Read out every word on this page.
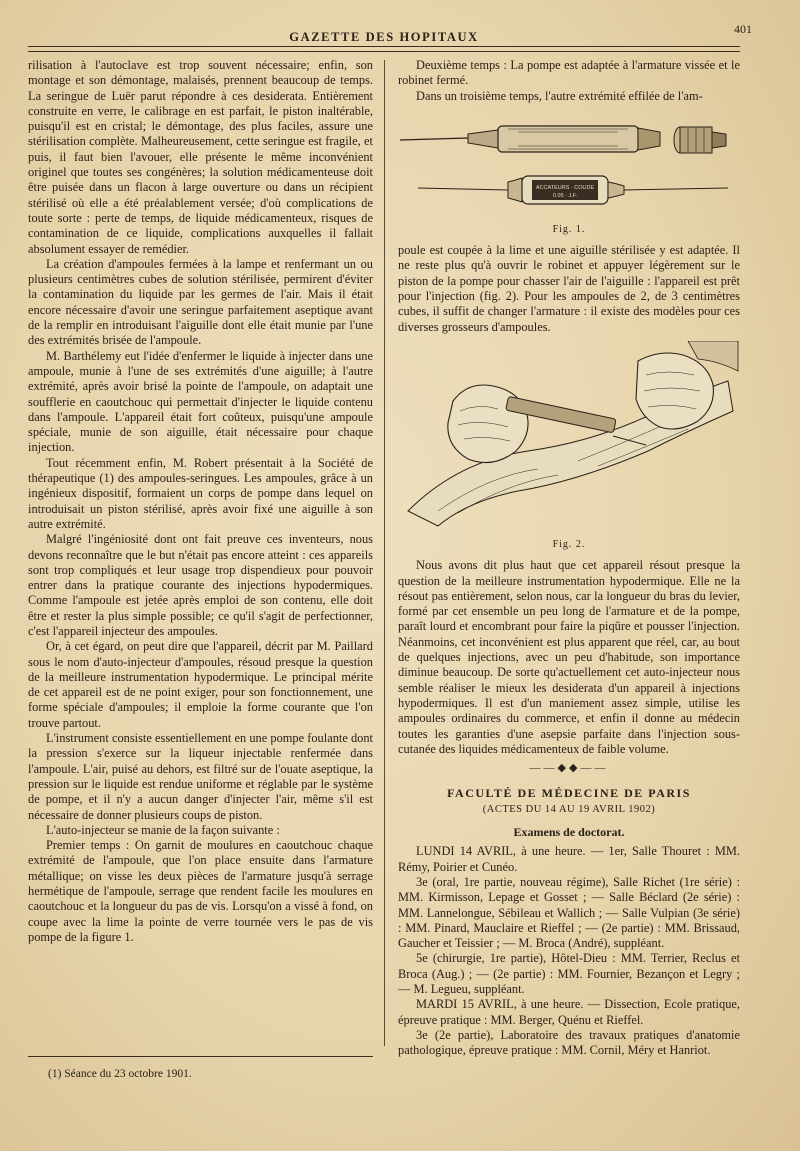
GAZETTE DES HOPITAUX
401

rilisation à l'autoclave est trop souvent nécessaire; enfin, son montage et son démontage, malaisés, prennent beaucoup de temps. La seringue de Luër parut répondre à ces desiderata. Entièrement construite en verre, le calibrage en est parfait, le piston inaltérable, puisqu'il est en cristal; le démontage, des plus faciles, assure une stérilisation complète. Malheureusement, cette seringue est fragile, et puis, il faut bien l'avouer, elle présente le même inconvénient originel que toutes ses congénères; la solution médicamenteuse doit être puisée dans un flacon à large ouverture ou dans un récipient stérilisé où elle a été préalablement versée; d'où complications de toute sorte : perte de temps, de liquide médicamenteux, risques de contamination de ce liquide, complications auxquelles il fallait absolument essayer de remédier.

La création d'ampoules fermées à la lampe et renfermant un ou plusieurs centimètres cubes de solution stérilisée, permirent d'éviter la contamination du liquide par les germes de l'air. Mais il était encore nécessaire d'avoir une seringue parfaitement aseptique avant de la remplir en introduisant l'aiguille dont elle était munie par l'une des extrémités brisée de l'ampoule.

M. Barthélemy eut l'idée d'enfermer le liquide à injecter dans une ampoule, munie à l'une de ses extrémités d'une aiguille; à l'autre extrémité, après avoir brisé la pointe de l'ampoule, on adaptait une soufflerie en caoutchouc qui permettait d'injecter le liquide contenu dans l'ampoule. L'appareil était fort coûteux, puisqu'une ampoule spéciale, munie de son aiguille, était nécessaire pour chaque injection.

Tout récemment enfin, M. Robert présentait à la Société de thérapeutique (1) des ampoules-seringues. Les ampoules, grâce à un ingénieux dispositif, formaient un corps de pompe dans lequel on introduisait un piston stérilisé, après avoir fixé une aiguille à son autre extrémité.

Malgré l'ingéniosité dont ont fait preuve ces inventeurs, nous devons reconnaître que le but n'était pas encore atteint : ces appareils sont trop compliqués et leur usage trop dispendieux pour pouvoir entrer dans la pratique courante des injections hypodermiques. Comme l'ampoule est jetée après emploi de son contenu, elle doit être et rester la plus simple possible; ce qu'il s'agit de perfectionner, c'est l'appareil injecteur des ampoules.

Or, à cet égard, on peut dire que l'appareil, décrit par M. Paillard sous le nom d'auto-injecteur d'ampoules, résoud presque la question de la meilleure instrumentation hypodermique. Le principal mérite de cet appareil est de ne point exiger, pour son fonctionnement, une forme spéciale d'ampoules; il emploie la forme courante que l'on trouve partout.

L'instrument consiste essentiellement en une pompe foulante dont la pression s'exerce sur la liqueur injectable renfermée dans l'ampoule. L'air, puisé au dehors, est filtré sur de l'ouate aseptique, la pression sur le liquide est rendue uniforme et réglable par le système de pompe, et il n'y a aucun danger d'injecter l'air, même s'il est nécessaire de donner plusieurs coups de piston.

L'auto-injecteur se manie de la façon suivante :

Premier temps : On garnit de moulures en caoutchouc chaque extrémité de l'ampoule, que l'on place ensuite dans l'armature métallique; on visse les deux pièces de l'armature jusqu'à serrage hermétique de l'ampoule, serrage que rendent facile les moulures en caoutchouc et la longueur du pas de vis. Lorsqu'on a vissé à fond, on coupe avec la lime la pointe de verre tournée vers le pas de vis pompe de la figure 1.

(1) Séance du 23 octobre 1901.

Deuxième temps : La pompe est adaptée à l'armature vissée et le robinet fermé.

Dans un troisième temps, l'autre extrémité effilée de l'am-

ACCATEURS · COUDE
0.05 · J.F.
Fig. 1.

poule est coupée à la lime et une aiguille stérilisée y est adaptée. Il ne reste plus qu'à ouvrir le robinet et appuyer légèrement sur le piston de la pompe pour chasser l'air de l'aiguille : l'appareil est prêt pour l'injection (fig. 2). Pour les ampoules de 2, de 3 centimètres cubes, il suffit de changer l'armature : il existe des modèles pour ces diverses grosseurs d'ampoules.

Fig. 2.

Nous avons dit plus haut que cet appareil résout presque la question de la meilleure instrumentation hypodermique. Elle ne la résout pas entièrement, selon nous, car la longueur du bras du levier, formé par cet ensemble un peu long de l'armature et de la pompe, paraît lourd et encombrant pour faire la piqûre et pousser l'injection. Néanmoins, cet inconvénient est plus apparent que réel, car, au bout de quelques injections, avec un peu d'habitude, son importance diminue beaucoup. De sorte qu'actuellement cet auto-injecteur nous semble réaliser le mieux les desiderata d'un appareil à injections hypodermiques. Il est d'un maniement assez simple, utilise les ampoules ordinaires du commerce, et enfin il donne au médecin toutes les garanties d'une asepsie parfaite dans l'injection sous-cutanée des liquides médicamenteux de faible volume.

——◆◆——
FACULTÉ DE MÉDECINE DE PARIS
(ACTES DU 14 AU 19 AVRIL 1902)
Examens de doctorat.

LUNDI 14 AVRIL, à une heure. — 1er, Salle Thouret : MM. Rémy, Poirier et Cunéo.

3e (oral, 1re partie, nouveau régime), Salle Richet (1re série) : MM. Kirmisson, Lepage et Gosset ; — Salle Béclard (2e série) : MM. Lannelongue, Sébileau et Wallich ; — Salle Vulpian (3e série) : MM. Pinard, Mauclaire et Rieffel ; — (2e partie) : MM. Brissaud, Gaucher et Teissier ; — M. Broca (André), suppléant.

5e (chirurgie, 1re partie), Hôtel-Dieu : MM. Terrier, Reclus et Broca (Aug.) ; — (2e partie) : MM. Fournier, Bezançon et Legry ; — M. Legueu, suppléant.

MARDI 15 AVRIL, à une heure. — Dissection, Ecole pratique, épreuve pratique : MM. Berger, Quénu et Rieffel.

3e (2e partie), Laboratoire des travaux pratiques d'anatomie pathologique, épreuve pratique : MM. Cornil, Méry et Hanriot.
